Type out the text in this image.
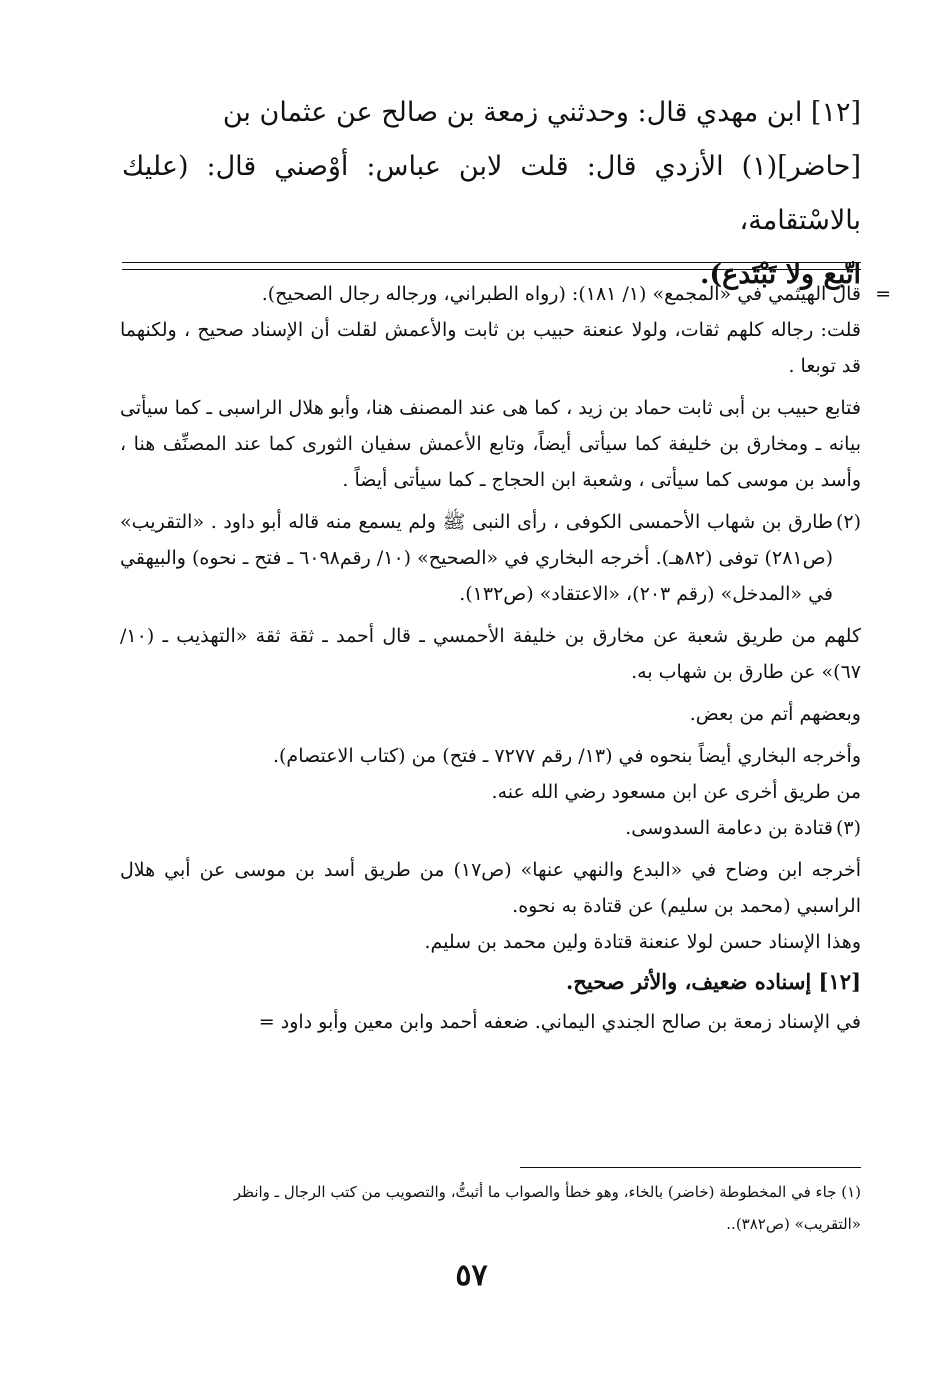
[١٢] ابن مهدي قال: وحدثني زمعة بن صالح عن عثمان بن

[حاضر](١) الأزدي قال: قلت لابن عباس: أوْصني قال: (عليك بالاسْتقامة،

اتّبع ولا تَبْتَدع).

=
قال الهيثمي في «المجمع» (١/ ١٨١): (رواه الطبراني، ورجاله رجال الصحيح).

قلت: رجاله كلهم ثقات، ولولا عنعنة حبيب بن ثابت والأعمش لقلت أن الإسناد صحيح ، ولكنهما قد توبعا .

فتابع حبيب بن أبى ثابت حماد بن زيد ، كما هى عند المصنف هنا، وأبو هلال الراسبى ـ كما سيأتى بيانه ـ ومخارق بن خليفة كما سيأتى أيضاً، وتابع الأعمش سفيان الثورى كما عند المصنِّف هنا ، وأسد بن موسى كما سيأتى ، وشعبة ابن الحجاج ـ كما سيأتى أيضاً .

(٢)
طارق بن شهاب الأحمسى الكوفى ، رأى النبى ﷺ ولم يسمع منه قاله أبو داود . «التقريب» (ص٢٨١) توفى (٨٢هـ). أخرجه البخاري في «الصحيح» (١٠/ رقم٦٠٩٨ ـ فتح ـ نحوه) والبيهقي في «المدخل» (رقم ٢٠٣)، «الاعتقاد» (ص١٣٢).

كلهم من طريق شعبة عن مخارق بن خليفة الأحمسي ـ قال أحمد ـ ثقة ثقة «التهذيب ـ (١٠/ ٦٧)» عن طارق بن شهاب به.

وبعضهم أتم من بعض.

وأخرجه البخاري أيضاً بنحوه في (١٣/ رقم ٧٢٧٧ ـ فتح) من (كتاب الاعتصام).

من طريق أخرى عن ابن مسعود رضي الله عنه.

(٣)
قتادة بن دعامة السدوسى.

أخرجه ابن وضاح في «البدع والنهي عنها» (ص١٧) من طريق أسد بن موسى عن أبي هلال الراسبي (محمد بن سليم) عن قتادة به نحوه.

وهذا الإسناد حسن لولا عنعنة قتادة ولين محمد بن سليم.

[١٢] إسناده ضعيف، والأثر صحيح.

في الإسناد زمعة بن صالح الجندي اليماني. ضعفه أحمد وابن معين وأبو داود =

(١) جاء في المخطوطة (خاضر) بالخاء، وهو خطأ والصواب ما أثبتُّ، والتصويب من كتب الرجال ـ وانظر

«التقريب» (ص٣٨٢)..

٥٧
